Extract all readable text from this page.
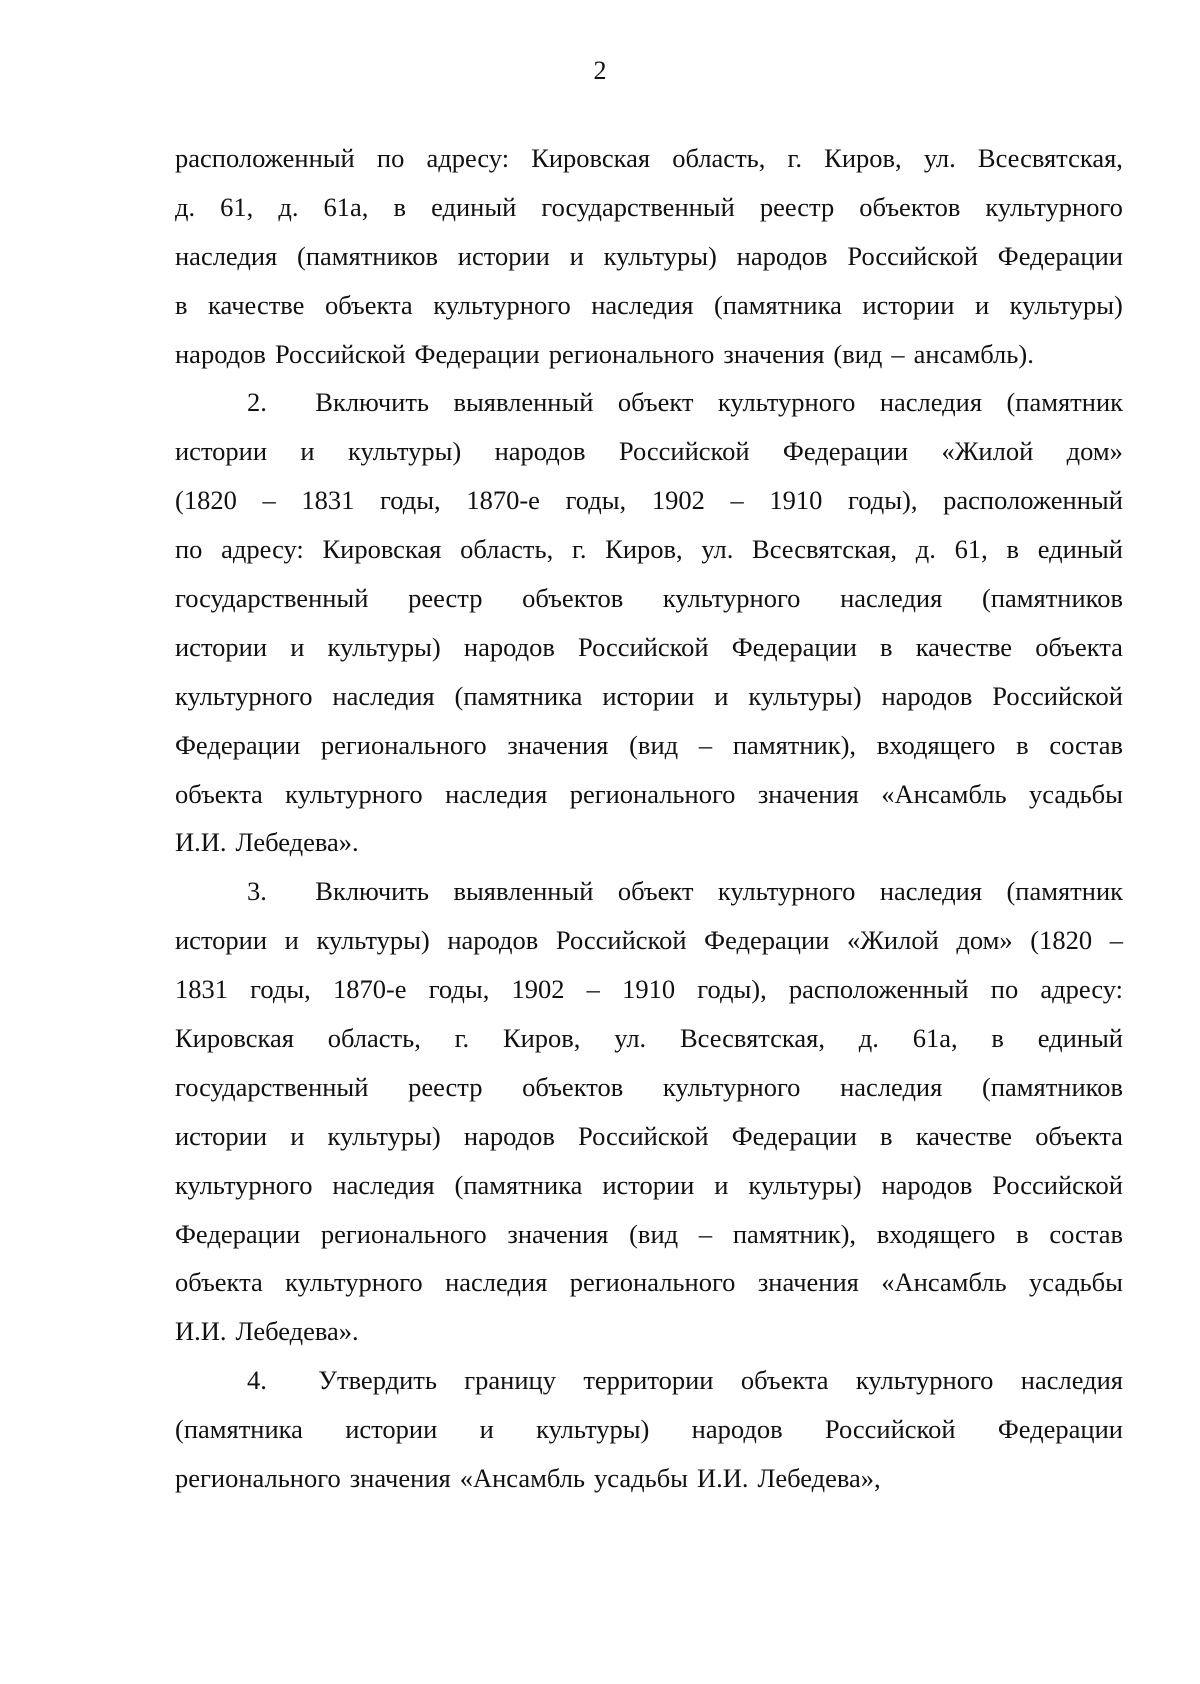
2
расположенный по адресу: Кировская область, г. Киров, ул. Всесвятская,
д. 61, д. 61а, в единый государственный реестр объектов культурного
наследия (памятников истории и культуры) народов Российской Федерации
в качестве объекта культурного наследия (памятника истории и культуры)
народов Российской Федерации регионального значения (вид – ансамбль).
2. Включить выявленный объект культурного наследия (памятник
истории и культуры) народов Российской Федерации «Жилой дом»
(1820 – 1831 годы, 1870-е годы, 1902 – 1910 годы), расположенный
по адресу: Кировская область, г. Киров, ул. Всесвятская, д. 61, в единый
государственный реестр объектов культурного наследия (памятников
истории и культуры) народов Российской Федерации в качестве объекта
культурного наследия (памятника истории и культуры) народов Российской
Федерации регионального значения (вид – памятник), входящего в состав
объекта культурного наследия регионального значения «Ансамбль усадьбы
И.И. Лебедева».
3. Включить выявленный объект культурного наследия (памятник
истории и культуры) народов Российской Федерации «Жилой дом» (1820 –
1831 годы, 1870-е годы, 1902 – 1910 годы), расположенный по адресу:
Кировская область, г. Киров, ул. Всесвятская, д. 61а, в единый
государственный реестр объектов культурного наследия (памятников
истории и культуры) народов Российской Федерации в качестве объекта
культурного наследия (памятника истории и культуры) народов Российской
Федерации регионального значения (вид – памятник), входящего в состав
объекта культурного наследия регионального значения «Ансамбль усадьбы
И.И. Лебедева».
4. Утвердить границу территории объекта культурного наследия
(памятника истории и культуры) народов Российской Федерации
регионального значения «Ансамбль усадьбы И.И. Лебедева»,
